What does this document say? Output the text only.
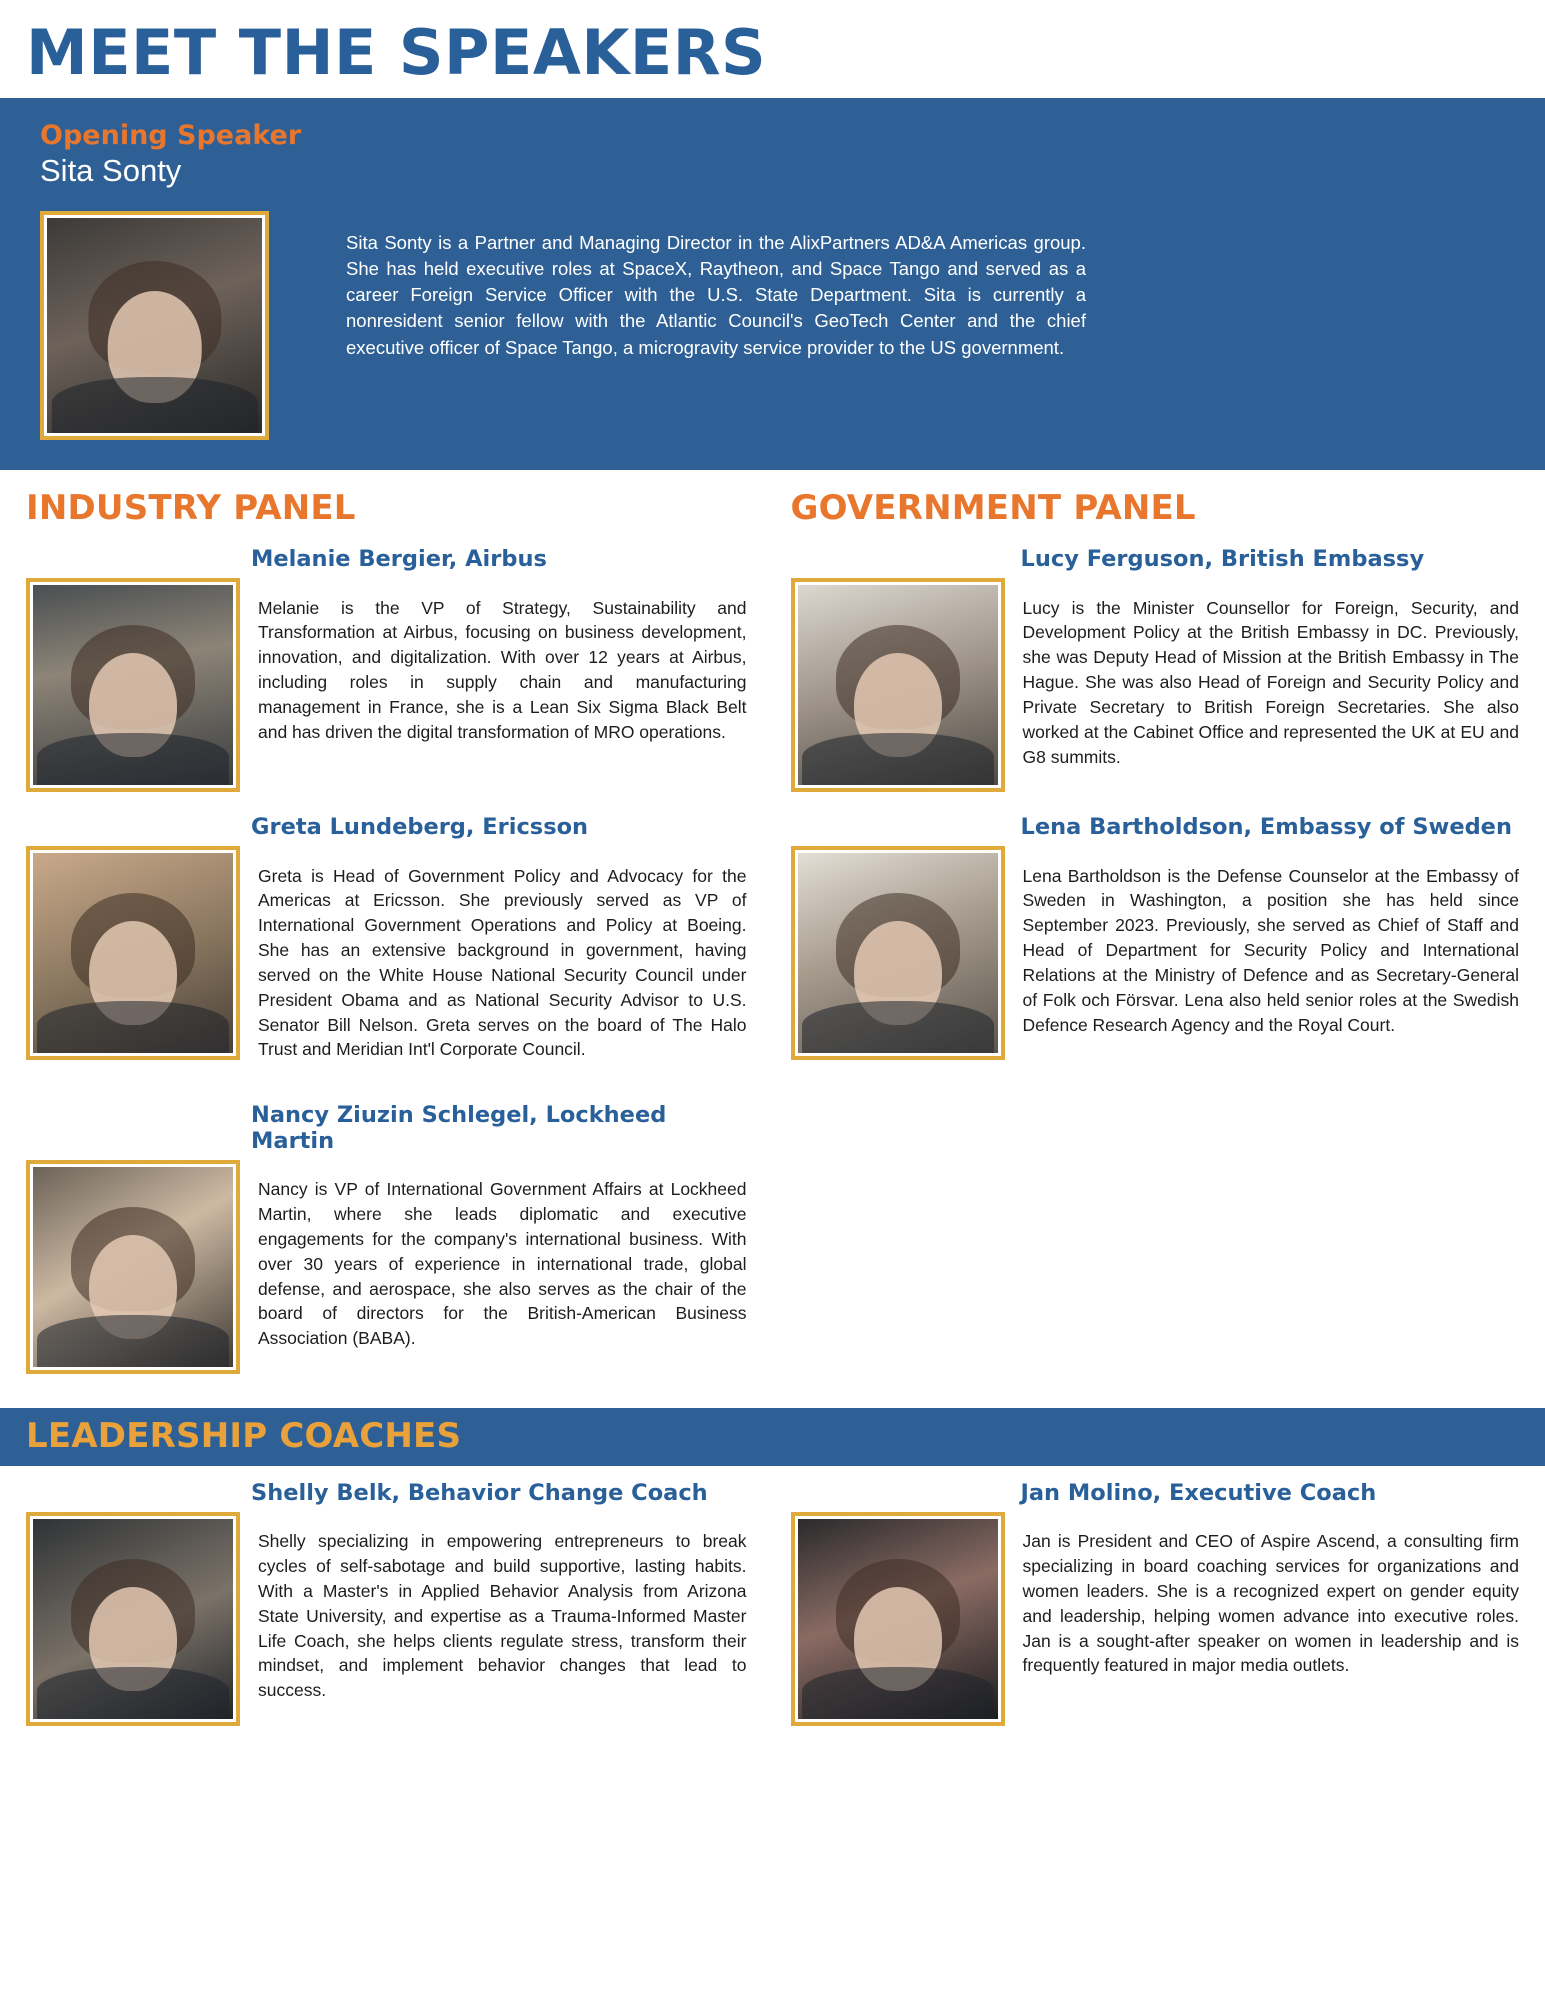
MEET THE SPEAKERS
Opening Speaker
Sita Sonty

Sita Sonty is a Partner and Managing Director in the AlixPartners AD&A Americas group. She has held executive roles at SpaceX, Raytheon, and Space Tango and served as a career Foreign Service Officer with the U.S. State Department. Sita is currently a nonresident senior fellow with the Atlantic Council's GeoTech Center and the chief executive officer of Space Tango, a microgravity service provider to the US government.

INDUSTRY PANEL
Melanie Bergier, Airbus

Melanie is the VP of Strategy, Sustainability and Transformation at Airbus, focusing on business development, innovation, and digitalization. With over 12 years at Airbus, including roles in supply chain and manufacturing management in France, she is a Lean Six Sigma Black Belt and has driven the digital transformation of MRO operations.

Greta Lundeberg, Ericsson

Greta is Head of Government Policy and Advocacy for the Americas at Ericsson. She previously served as VP of International Government Operations and Policy at Boeing. She has an extensive background in government, having served on the White House National Security Council under President Obama and as National Security Advisor to U.S. Senator Bill Nelson. Greta serves on the board of The Halo Trust and Meridian Int'l Corporate Council.

Nancy Ziuzin Schlegel, Lockheed Martin

Nancy is VP of International Government Affairs at Lockheed Martin, where she leads diplomatic and executive engagements for the company's international business. With over 30 years of experience in international trade, global defense, and aerospace, she also serves as the chair of the board of directors for the British-American Business Association (BABA).

GOVERNMENT PANEL
Lucy Ferguson, British Embassy

Lucy is the Minister Counsellor for Foreign, Security, and Development Policy at the British Embassy in DC. Previously, she was Deputy Head of Mission at the British Embassy in The Hague. She was also Head of Foreign and Security Policy and Private Secretary to British Foreign Secretaries. She also worked at the Cabinet Office and represented the UK at EU and G8 summits.

Lena Bartholdson, Embassy of Sweden

Lena Bartholdson is the Defense Counselor at the Embassy of Sweden in Washington, a position she has held since September 2023. Previously, she served as Chief of Staff and Head of Department for Security Policy and International Relations at the Ministry of Defence and as Secretary-General of Folk och Försvar. Lena also held senior roles at the Swedish Defence Research Agency and the Royal Court.

LEADERSHIP COACHES
Shelly Belk, Behavior Change Coach

Shelly specializing in empowering entrepreneurs to break cycles of self-sabotage and build supportive, lasting habits. With a Master's in Applied Behavior Analysis from Arizona State University, and expertise as a Trauma-Informed Master Life Coach, she helps clients regulate stress, transform their mindset, and implement behavior changes that lead to success.

Jan Molino, Executive Coach

Jan is President and CEO of Aspire Ascend, a consulting firm specializing in board coaching services for organizations and women leaders. She is a recognized expert on gender equity and leadership, helping women advance into executive roles. Jan is a sought-after speaker on women in leadership and is frequently featured in major media outlets.
